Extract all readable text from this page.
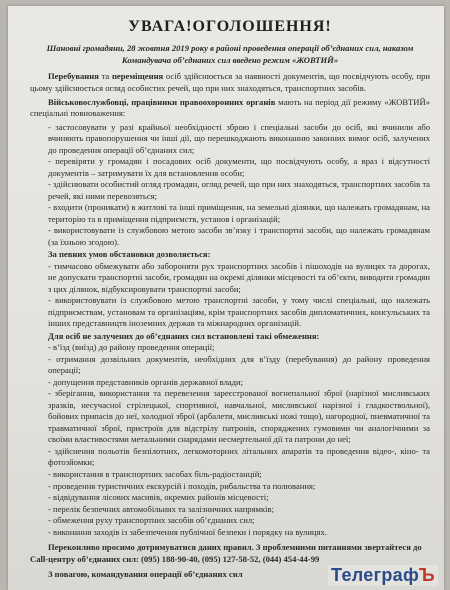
УВАГА!ОГОЛОШЕННЯ!

Шановні громадяни, 28 жовтня 2019 року в районі проведення операції об’єднаних сил, наказом Командувача об’єднаних сил введено режим «ЖОВТИЙ»

Перебування та переміщення осіб здійснюється за наявності документів, що посвідчують особу, при цьому здійснюється огляд особистих речей, що при них знаходяться, транспортних засобів.

Військовослужбовці, працівники правоохоронних органів мають на період дії режиму «ЖОВТИЙ» спеціальні повноваження:

- застосовувати у разі крайньої необхідності зброю і спеціальні засоби до осіб, які вчинили або вчиняють правопорушення чи інші дії, що перешкоджають виконанню законних вимог осіб, залучених до проведення операції об’єднаних сил;

- перевіряти у громадян і посадових осіб документи, що посвідчують особу, а враз і відсутності документів – затримувати їх для встановлення особи;

- здійснювати особистий огляд громадян, огляд речей, що при них знаходяться, транспортних засобів та речей, які ними перевозяться;

- входити (проникати) в житлові та інші приміщення, на земельні ділянки, що належать громадянам, на територію та в приміщення підприємств, установ і організацій;

- використовувати із службовою метою засоби зв’язку і транспортні засоби, що належать громадянам (за їхньою згодою).

За певних умов обстановки дозволяється:

- тимчасово обмежувати або забороняти рух транспортних засобів і пішоходів на вулицях та дорогах, не допускати транспортні засоби, громадян на окремі ділянки місцевості та об’єкти, виводити громадян з цих ділянок, відбуксировувати транспортні засоби;

- використовувати із службовою метою транспортні засоби, у тому числі спеціальні, що належать підприємствам, установам та організаціям, крім транспортних засобів дипломатичних, консульських та інших представництв іноземних держав та міжнародних організацій.

Для осіб не залучених до об’єднаних сил встановлені такі обмеження:

- в’їзд (виїзд) до району проведення операції;

- отримання дозвільних документів, необхідних для в’їзду (перебування) до району проведення операції;

- допущення представників органів державної влади;

- зберігання, використання та перевезення зареєстрованої вогнепальної зброї (нарізної мисливських зразків, несучасної стрілецької, спортивної, навчальної, мисливської нарізної і гладкоствольної), бойових припасів до неї, холодної зброї (арбалети, мисливські ножі тощо), нагородної, пневматичної та травматичної зброї, пристроїв для відстрілу патронів, споряджених гумовими чи аналогічними за своїми властивостями метальними снарядами несмертельної дії та патрони до неї;

- здійснення польотів безпілотних, легкомоторних літальних апаратів та проведення відео-, кіно- та фотозйомки;

- використання в транспортних засобах біль-радіостанцій;

- проведення туристичних екскурсій і походів, рибальства та полювання;

- відвідування лісових масивів, окремих районів місцевості;

- перелік безпечних автомобільних та залізничних напрямків;

- обмеження руху транспортних засобів об’єднаних сил;

- виконання заходів із забезпечення публічної безпеки і порядку на вулицях.

Переконливо просимо дотримуватися даних правил. З проблемними питаннями звертайтеся до Call-центру об’єднаних сил: (095) 188-90-40, (095) 127-58-52, (044) 454-44-99

З повагою, командування операції об’єднаних сил	ТелеграфЪ
